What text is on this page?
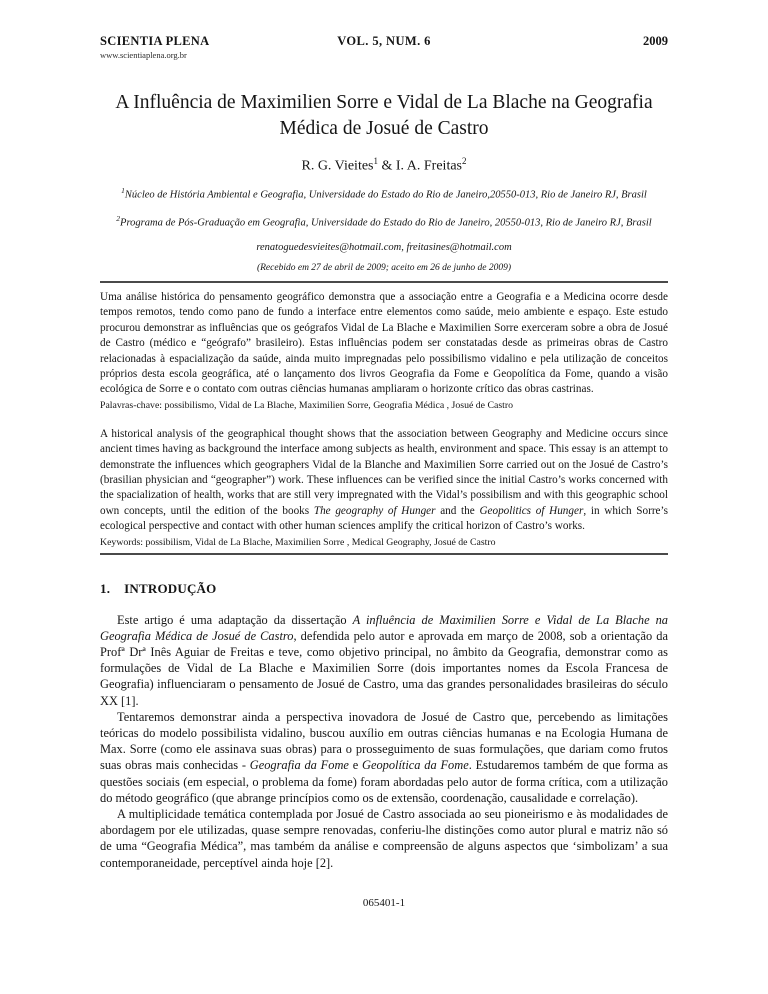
SCIENTIA PLENA
www.scientiaplena.org.br
VOL. 5, NUM. 6	2009
A Influência de Maximilien Sorre e Vidal de La Blache na Geografia Médica de Josué de Castro
R. G. Vieites$^1$ & I. A. Freitas$^2$
$^1$Núcleo de História Ambiental e Geografia, Universidade do Estado do Rio de Janeiro,20550-013, Rio de Janeiro RJ, Brasil
$^2$Programa de Pós-Graduação em Geografia, Universidade do Estado do Rio de Janeiro, 20550-013, Rio de Janeiro RJ, Brasil
renatoguedesvieites@hotmail.com, freitasines@hotmail.com
(Recebido em 27 de abril de 2009; aceito em 26 de junho de 2009)

Uma análise histórica do pensamento geográfico demonstra que a associação entre a Geografia e a Medicina ocorre desde tempos remotos, tendo como pano de fundo a interface entre elementos como saúde, meio ambiente e espaço. Este estudo procurou demonstrar as influências que os geógrafos Vidal de La Blache e Maximilien Sorre exerceram sobre a obra de Josué de Castro (médico e “geógrafo” brasileiro). Estas influências podem ser constatadas desde as primeiras obras de Castro relacionadas à espacialização da saúde, ainda muito impregnadas pelo possibilismo vidalino e pela utilização de conceitos próprios desta escola geográfica, até o lançamento dos livros Geografia da Fome e Geopolítica da Fome, quando a visão ecológica de Sorre e o contato com outras ciências humanas ampliaram o horizonte crítico das obras castrinas.

Palavras-chave: possibilismo, Vidal de La Blache, Maximilien Sorre, Geografia Médica , Josué de Castro

A historical analysis of the geographical thought shows that the association between Geography and Medicine occurs since ancient times having as background the interface among subjects as health, environment and space. This essay is an attempt to demonstrate the influences which geographers Vidal de la Blanche and Maximilien Sorre carried out on the Josué de Castro’s (brasilian physician and “geographer”) work. These influences can be verified since the initial Castro’s works concerned with the spacialization of health, works that are still very impregnated with the Vidal’s possibilism and with this geographic school own concepts, until the edition of the books The geography of Hunger and the Geopolitics of Hunger, in which Sorre’s ecological perspective and contact with other human sciences amplify the critical horizon of Castro’s works.

Keywords: possibilism, Vidal de La Blache, Maximilien Sorre , Medical Geography, Josué de Castro

1. INTRODUÇÃO

Este artigo é uma adaptação da dissertação A influência de Maximilien Sorre e Vidal de La Blache na Geografia Médica de Josué de Castro, defendida pelo autor e aprovada em março de 2008, sob a orientação da Profª Drª Inês Aguiar de Freitas e teve, como objetivo principal, no âmbito da Geografia, demonstrar como as formulações de Vidal de La Blache e Maximilien Sorre (dois importantes nomes da Escola Francesa de Geografia) influenciaram o pensamento de Josué de Castro, uma das grandes personalidades brasileiras do século XX [1].

Tentaremos demonstrar ainda a perspectiva inovadora de Josué de Castro que, percebendo as limitações teóricas do modelo possibilista vidalino, buscou auxílio em outras ciências humanas e na Ecologia Humana de Max. Sorre (como ele assinava suas obras) para o prosseguimento de suas formulações, que dariam como frutos suas obras mais conhecidas - Geografia da Fome e Geopolítica da Fome. Estudaremos também de que forma as questões sociais (em especial, o problema da fome) foram abordadas pelo autor de forma crítica, com a utilização do método geográfico (que abrange princípios como os de extensão, coordenação, causalidade e correlação).

A multiplicidade temática contemplada por Josué de Castro associada ao seu pioneirismo e às modalidades de abordagem por ele utilizadas, quase sempre renovadas, conferiu-lhe distinções como autor plural e matriz não só de uma “Geografia Médica”, mas também da análise e compreensão de alguns aspectos que ‘simbolizam’ a sua contemporaneidade, perceptível ainda hoje [2].

065401-1
